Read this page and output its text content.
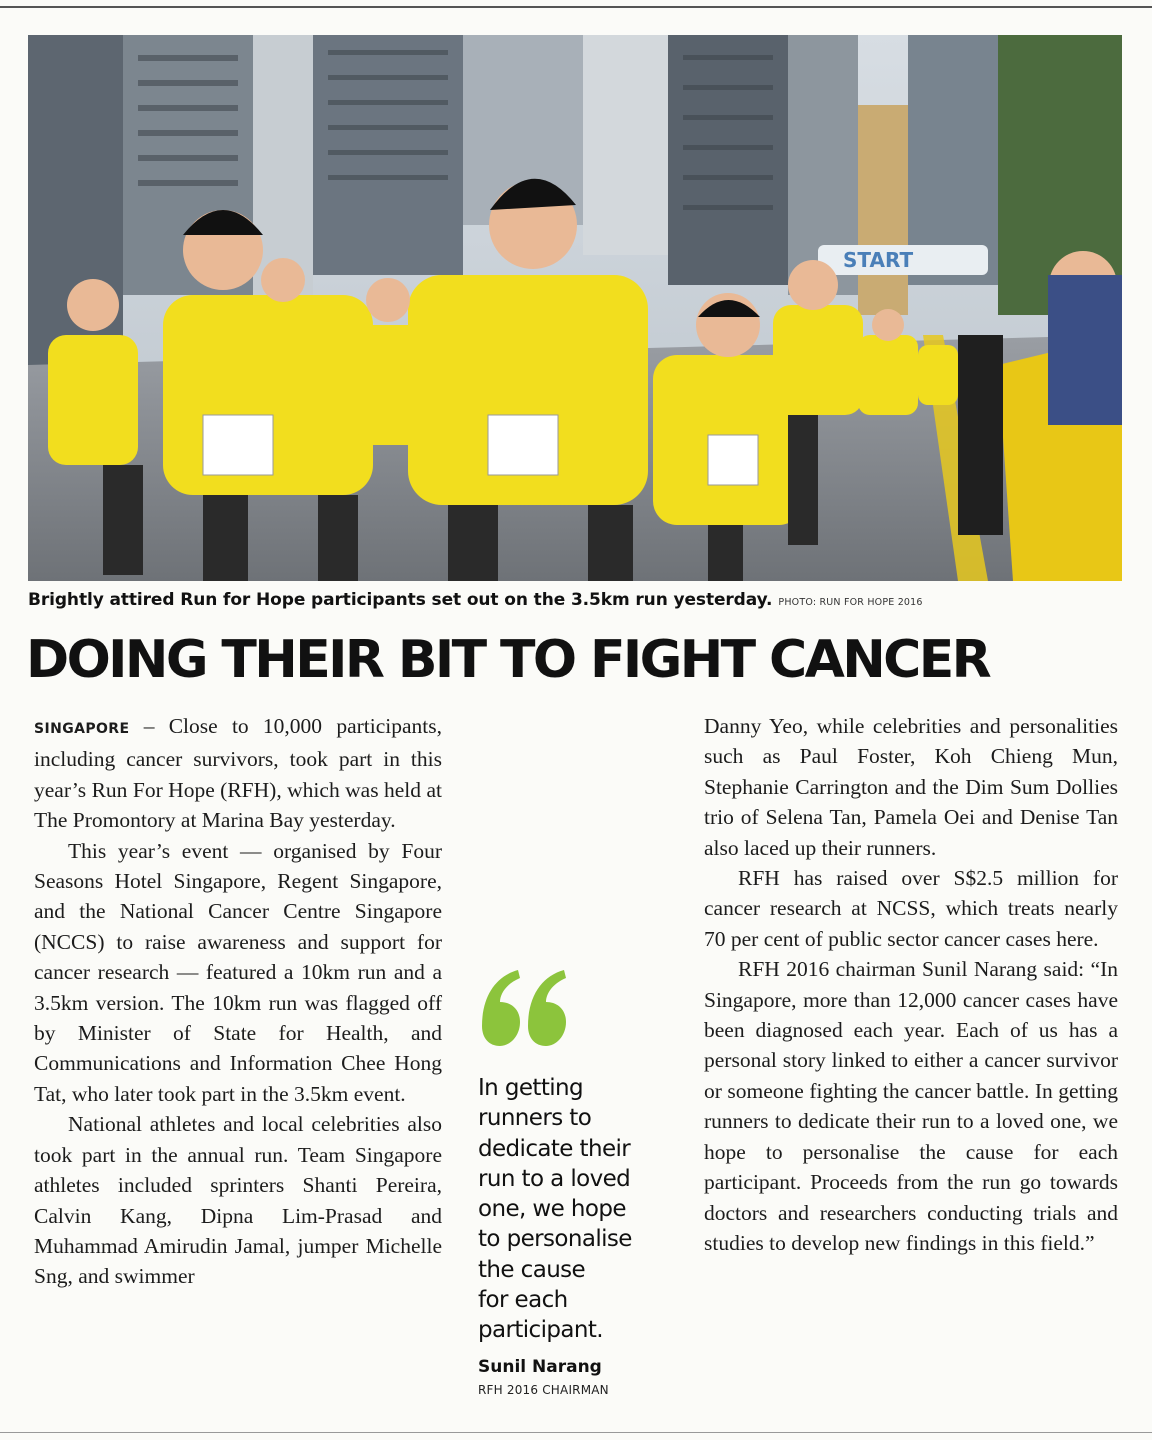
START
Brightly attired Run for Hope participants set out on the 3.5km run yesterday. PHOTO: RUN FOR HOPE 2016
DOING THEIR BIT TO FIGHT CANCER

SINGAPORE – Close to 10,000 participants, including cancer survivors, took part in this year’s Run For Hope (RFH), which was held at The Promontory at Marina Bay yesterday.

This year’s event — organised by Four Seasons Hotel Singapore, Regent Singapore, and the National Cancer Centre Singapore (NCCS) to raise awareness and support for cancer research — featured a 10km run and a 3.5km version. The 10km run was flagged off by Minister of State for Health, and Communications and Information Chee Hong Tat, who later took part in the 3.5km event.

National athletes and local celebrities also took part in the annual run. Team Singapore athletes included sprinters Shanti Pereira, Calvin Kang, Dipna Lim-Prasad and Muhammad Amirudin Jamal, jumper Michelle Sng, and swimmer

In getting
runners to
dedicate their
run to a loved
one, we hope
to personalise
the cause
for each
participant.

Sunil Narang
RFH 2016 CHAIRMAN

Danny Yeo, while celebrities and personalities such as Paul Foster, Koh Chieng Mun, Stephanie Carrington and the Dim Sum Dollies trio of Selena Tan, Pamela Oei and Denise Tan also laced up their runners.

RFH has raised over S$2.5 million for cancer research at NCSS, which treats nearly 70 per cent of public sector cancer cases here.

RFH 2016 chairman Sunil Narang said: “In Singapore, more than 12,000 cancer cases have been diagnosed each year. Each of us has a personal story linked to either a cancer survivor or someone fighting the cancer battle. In getting runners to dedicate their run to a loved one, we hope to personalise the cause for each participant. Proceeds from the run go towards doctors and researchers conducting trials and studies to develop new findings in this field.”
